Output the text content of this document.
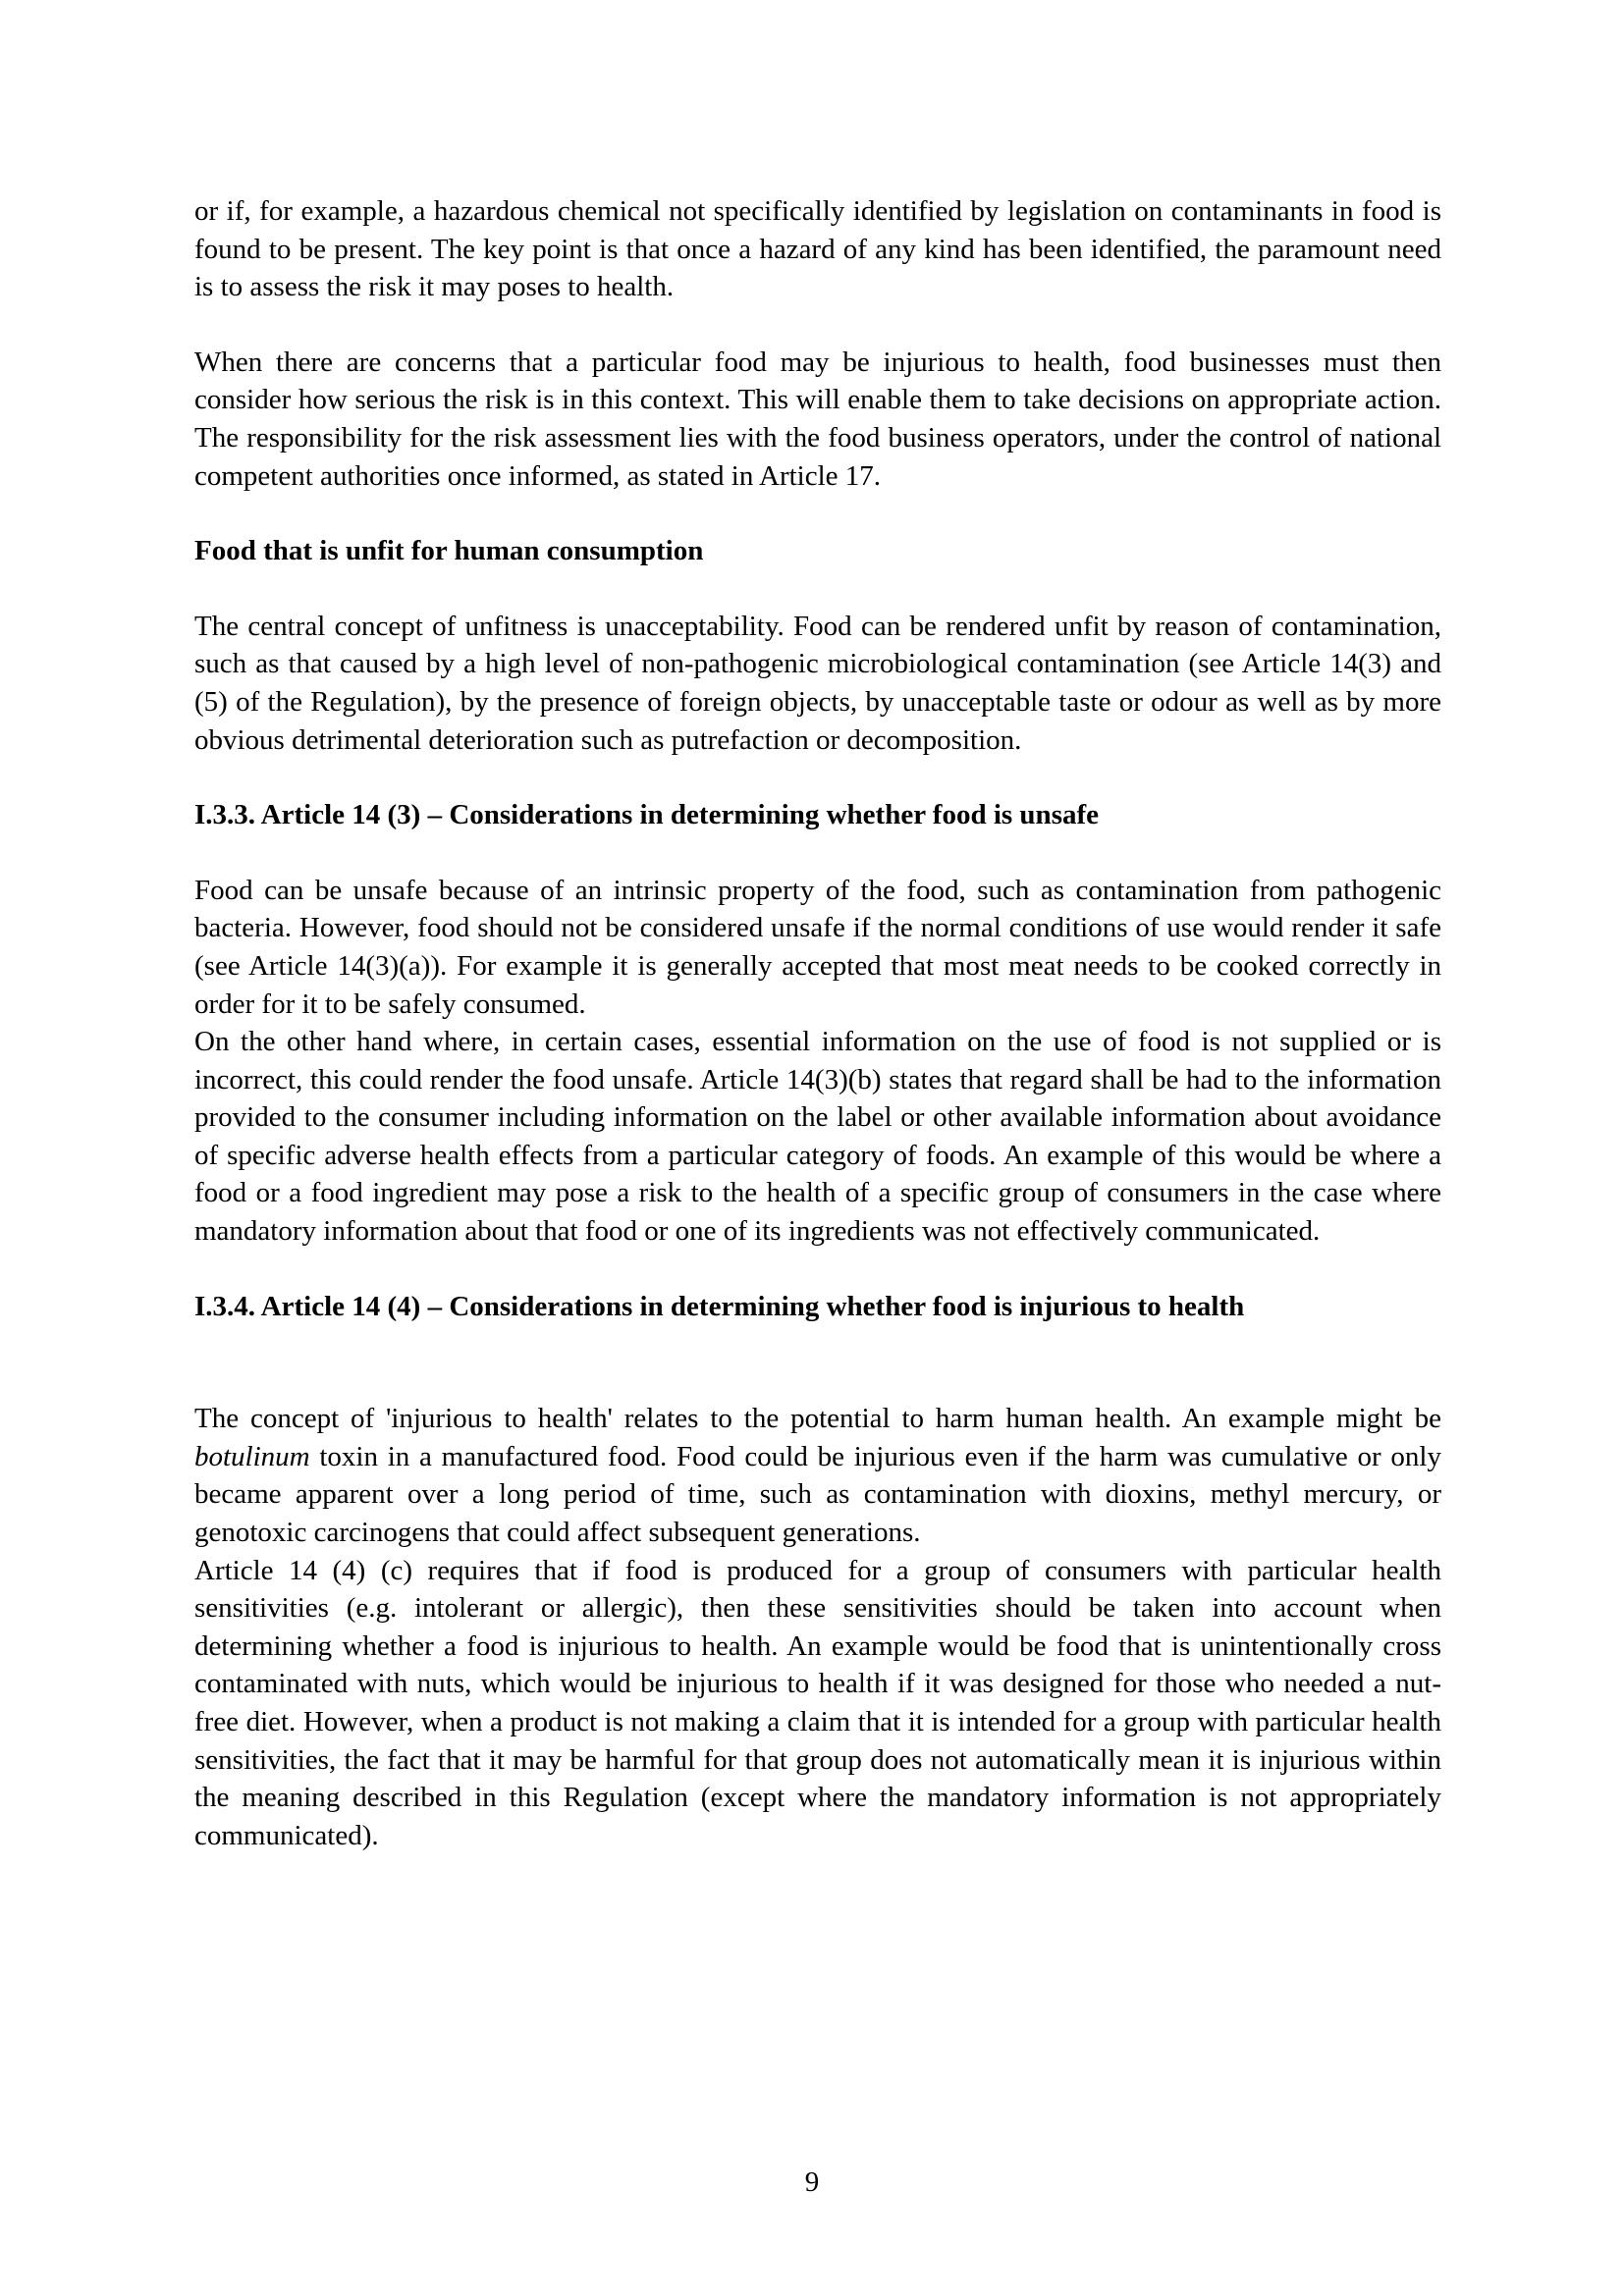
or if, for example, a hazardous chemical not specifically identified by legislation on contaminants in food is found to be present. The key point is that once a hazard of any kind has been identified, the paramount need is to assess the risk it may poses to health.

When there are concerns that a particular food may be injurious to health, food businesses must then consider how serious the risk is in this context. This will enable them to take decisions on appropriate action. The responsibility for the risk assessment lies with the food business operators, under the control of national competent authorities once informed, as stated in Article 17.

Food that is unfit for human consumption

The central concept of unfitness is unacceptability. Food can be rendered unfit by reason of contamination, such as that caused by a high level of non-pathogenic microbiological contamination (see Article 14(3) and (5) of the Regulation), by the presence of foreign objects, by unacceptable taste or odour as well as by more obvious detrimental deterioration such as putrefaction or decomposition.

I.3.3. Article 14 (3) – Considerations in determining whether food is unsafe

Food can be unsafe because of an intrinsic property of the food, such as contamination from pathogenic bacteria. However, food should not be considered unsafe if the normal conditions of use would render it safe (see Article 14(3)(a)). For example it is generally accepted that most meat needs to be cooked correctly in order for it to be safely consumed.

On the other hand where, in certain cases, essential information on the use of food is not supplied or is incorrect, this could render the food unsafe. Article 14(3)(b) states that regard shall be had to the information provided to the consumer including information on the label or other available information about avoidance of specific adverse health effects from a particular category of foods. An example of this would be where a food or a food ingredient may pose a risk to the health of a specific group of consumers in the case where mandatory information about that food or one of its ingredients was not effectively communicated.

I.3.4. Article 14 (4) – Considerations in determining whether food is injurious to health

The concept of 'injurious to health' relates to the potential to harm human health. An example might be botulinum toxin in a manufactured food. Food could be injurious even if the harm was cumulative or only became apparent over a long period of time, such as contamination with dioxins, methyl mercury, or genotoxic carcinogens that could affect subsequent generations.

Article 14 (4) (c) requires that if food is produced for a group of consumers with particular health sensitivities (e.g. intolerant or allergic), then these sensitivities should be taken into account when determining whether a food is injurious to health. An example would be food that is unintentionally cross contaminated with nuts, which would be injurious to health if it was designed for those who needed a nut-free diet. However, when a product is not making a claim that it is intended for a group with particular health sensitivities, the fact that it may be harmful for that group does not automatically mean it is injurious within the meaning described in this Regulation (except where the mandatory information is not appropriately communicated).

9
